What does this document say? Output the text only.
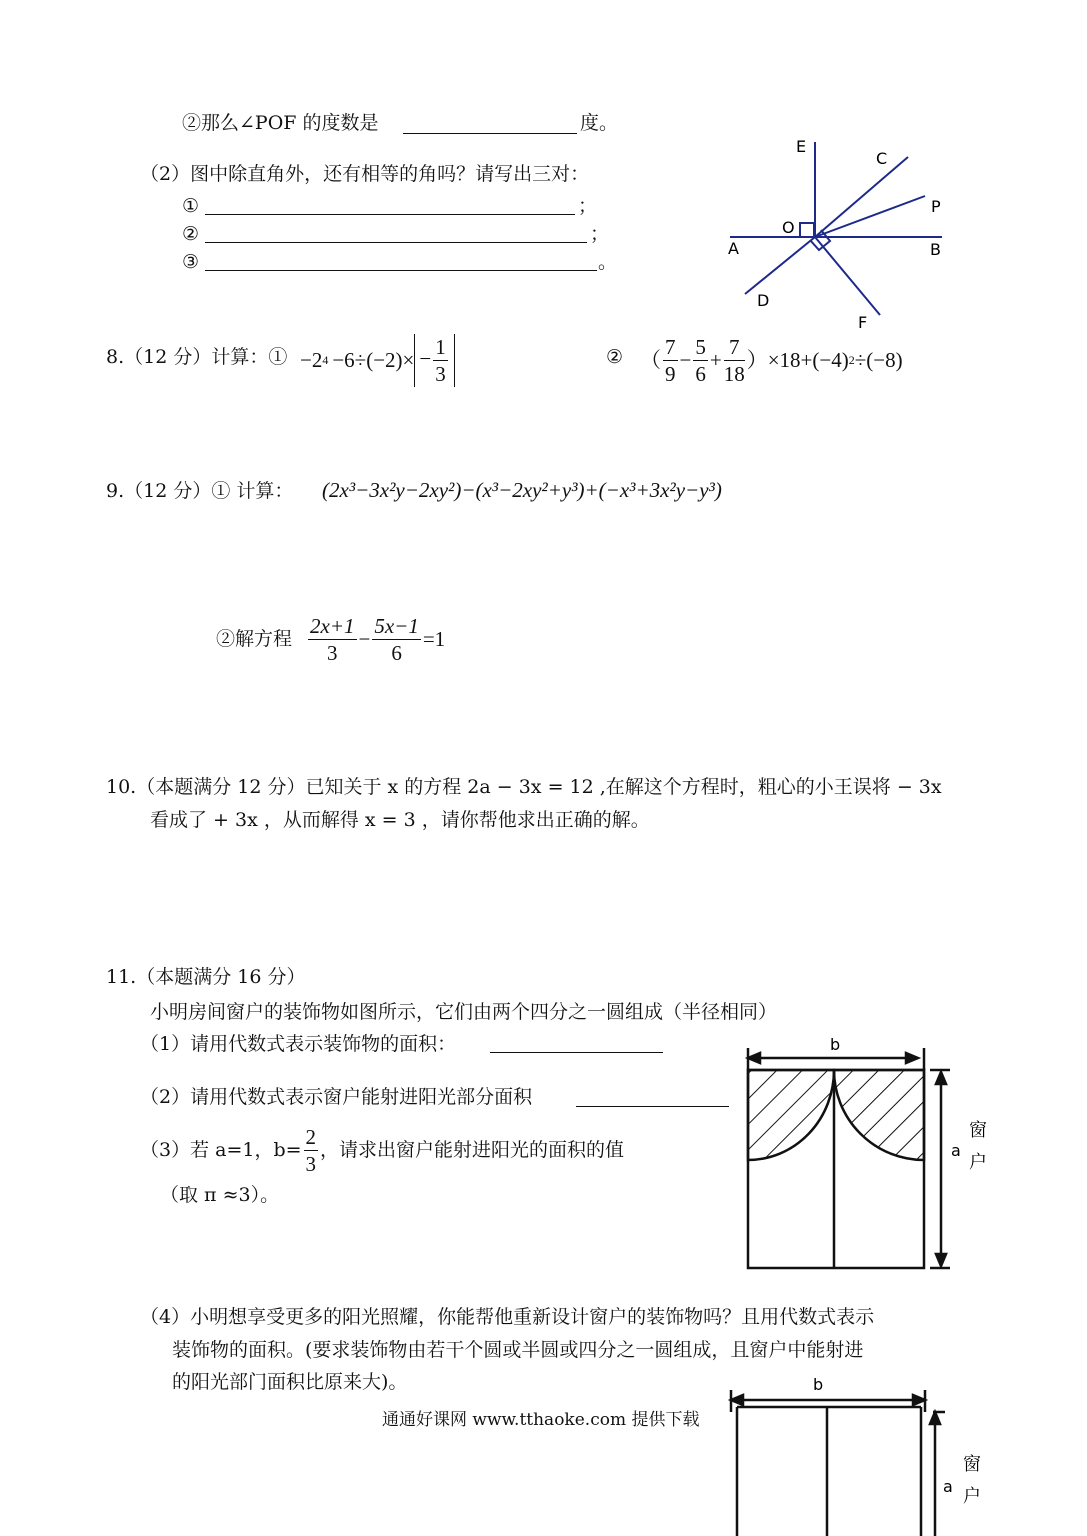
②那么∠POF 的度数是	度。
（2）图中除直角外，还有相等的角吗？请写出三对：
①	；
②	；
③	。
E
C
P
O
A	B
D
F
8.（12 分）计算：① −2 $4 -6\div(-2)\times - \frac{1}{3}$	② （ $\frac{7}{9} - \frac{5}{6} + \frac{7}{18}$ ） ×18+(−4) 2 ÷(−8)
9.（12 分）① 计算： (2x³−3x²y−2xy²)−(x³−2xy²+y³)+(−x³+3x²y−y³)
②解方程 $\frac{2x+1}{3} - \frac{5x-1}{6} =1$
10.（本题满分 12 分）已知关于 x 的方程 2a − 3x = 12 ,在解这个方程时，粗心的小王误将 − 3x
看成了 + 3x ，从而解得 x = 3 ，请你帮他求出正确的解。
11.（本题满分 16 分）
小明房间窗户的装饰物如图所示，它们由两个四分之一圆组成（半径相同）
（1）请用代数式表示装饰物的面积：
（2）请用代数式表示窗户能射进阳光部分面积
（3）若 a=1，$b= \frac{2}{3}$ ，请求出窗户能射进阳光的面积的值
（取 π ≈3）。
b
a
窗
户
（4）小明想享受更多的阳光照耀，你能帮他重新设计窗户的装饰物吗？且用代数式表示
装饰物的面积。(要求装饰物由若干个圆或半圆或四分之一圆组成，且窗户中能射进
的阳光部门面积比原来大)。	b
a
窗
户
通通好课网 www.tthaoke.com 提供下载
